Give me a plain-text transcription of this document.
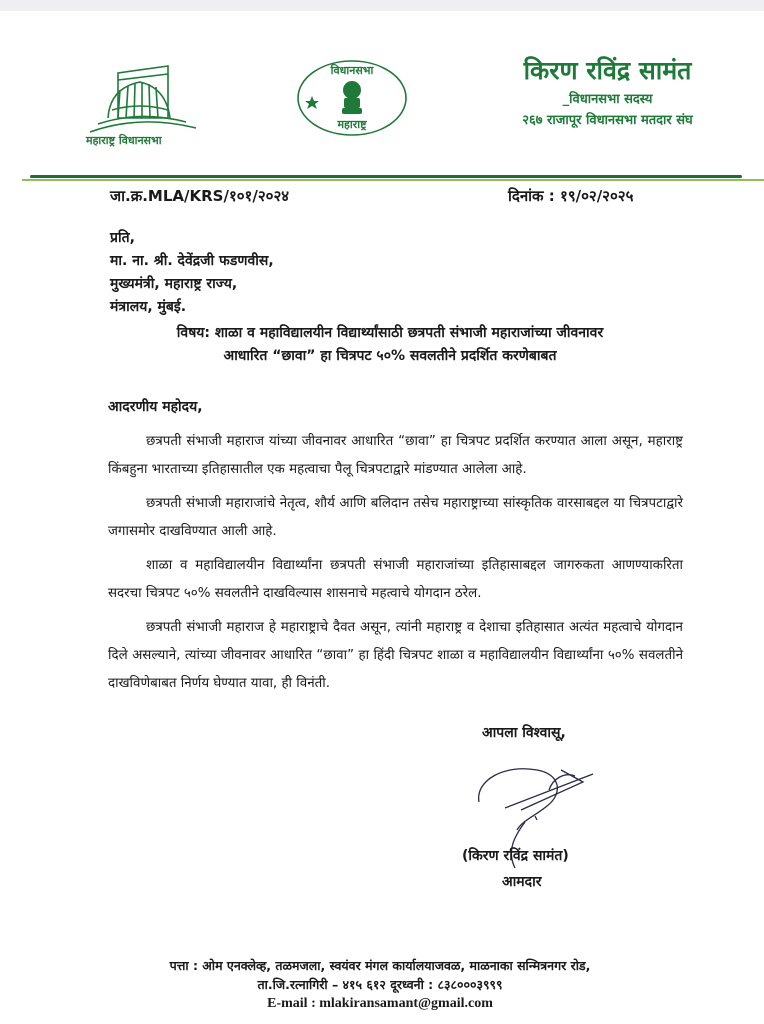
महाराष्ट्र विधानसभा
विधानसभा
महाराष्ट्र
किरण रविंद्र सामंत
_विधानसभा सदस्य
२६७ राजापूर विधानसभा मतदार संघ
जा.क्र.MLA/KRS/१०१/२०२४	दिनांक : १९/०२/२०२५
प्रति,
मा. ना. श्री. देवेंद्रजी फडणवीस,
मुख्यमंत्री, महाराष्ट्र राज्य,
मंत्रालय, मुंबई.
विषय: शाळा व महाविद्यालयीन विद्यार्थ्यांसाठी छत्रपती संभाजी महाराजांच्या जीवनावर
आधारित “छावा” हा चित्रपट ५०% सवलतीने प्रदर्शित करणेबाबत
आदरणीय महोदय,

छत्रपती संभाजी महाराज यांच्या जीवनावर आधारित “छावा” हा चित्रपट प्रदर्शित करण्यात आला असून, महाराष्ट्र किंबहुना भारताच्या इतिहासातील एक महत्वाचा पैलू चित्रपटाद्वारे मांडण्यात आलेला आहे.

छत्रपती संभाजी महाराजांचे नेतृत्व, शौर्य आणि बलिदान तसेच महाराष्ट्राच्या सांस्कृतिक वारसाबद्दल या चित्रपटाद्वारे जगासमोर दाखविण्यात आली आहे.

शाळा व महाविद्यालयीन विद्यार्थ्यांना छत्रपती संभाजी महाराजांच्या इतिहासाबद्दल जागरुकता आणण्याकरिता सदरचा चित्रपट ५०% सवलतीने दाखविल्यास शासनाचे महत्वाचे योगदान ठरेल.

छत्रपती संभाजी महाराज हे महाराष्ट्राचे दैवत असून, त्यांनी महाराष्ट्र व देशाचा इतिहासात अत्यंत महत्वाचे योगदान दिले असल्याने, त्यांच्या जीवनावर आधारित “छावा” हा हिंदी चित्रपट शाळा व महाविद्यालयीन विद्यार्थ्यांना ५०% सवलतीने दाखविणेबाबत निर्णय घेण्यात यावा, ही विनंती.

आपला विश्वासू,
(किरण रविंद्र सामंत)
आमदार
पत्ता : ओम एनक्लेव्ह, तळमजला, स्वयंवर मंगल कार्यालयाजवळ, माळनाका सन्मित्रनगर रोड,
ता.जि.रत्नागिरी – ४१५ ६१२ दूरध्वनी : ८३८०००३९९९
E-mail : mlakiransamant@gmail.com
